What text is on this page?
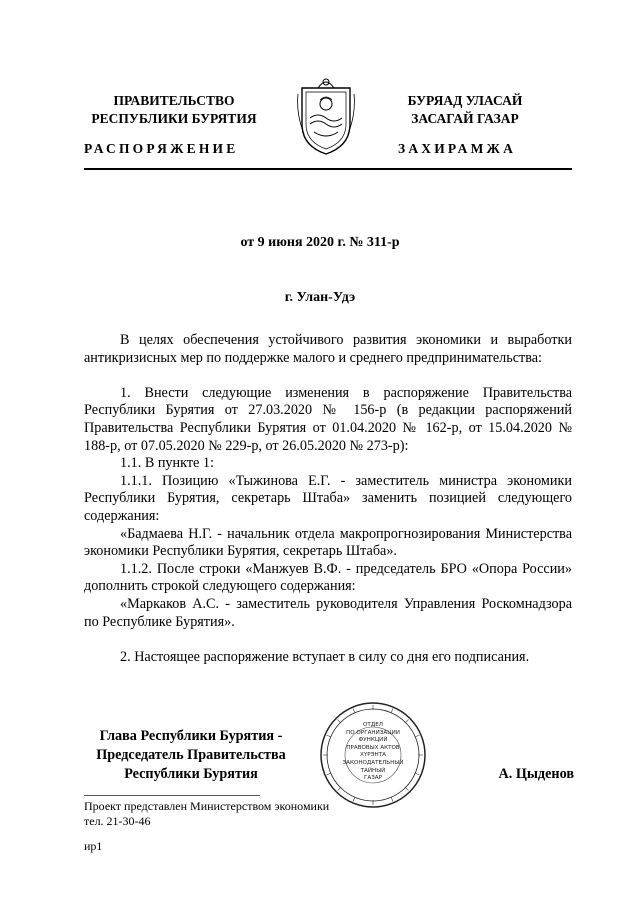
ПРАВИТЕЛЬСТВО
РЕСПУБЛИКИ БУРЯТИЯ
БУРЯАД УЛАСАЙ
ЗАСАГАЙ ГАЗАР
РАСПОРЯЖЕНИЕ	ЗАХИРАМЖА
от 9 июня 2020 г. № 311-р
г. Улан-Удэ

В целях обеспечения устойчивого развития экономики и выработки антикризисных мер по поддержке малого и среднего предпринимательства:

1. Внести следующие изменения в распоряжение Правительства Республики Бурятия от 27.03.2020 № 156-р (в редакции распоряжений Правительства Республики Бурятия от 01.04.2020 № 162-р, от 15.04.2020 № 188-р, от 07.05.2020 № 229-р, от 26.05.2020 № 273-р):

1.1. В пункте 1:

1.1.1. Позицию «Тыжинова Е.Г. - заместитель министра экономики Республики Бурятия, секретарь Штаба» заменить позицией следующего содержания:

«Бадмаева Н.Г. - начальник отдела макропрогнозирования Министерства экономики Республики Бурятия, секретарь Штаба».

1.1.2. После строки «Манжуев В.Ф. - председатель БРО «Опора России» дополнить строкой следующего содержания:

«Маркаков А.С. - заместитель руководителя Управления Роскомнадзора по Республике Бурятия».

2. Настоящее распоряжение вступает в силу со дня его подписания.

Глава Республики Бурятия -
Председатель Правительства
Республики Бурятия
ОТДЕЛ
ПО ОРГАНИЗАЦИИ
ФУНКЦИЙ
ПРАВОВЫХ АКТОВ
ХҮРЭНТА
ЗАКОНОДАТЕЛЬНЫЙ
ТАЙНЫЙ
ГАЗАР	А. Цыденов
Проект представлен Министерством экономики
тел. 21-30-46
ир1
